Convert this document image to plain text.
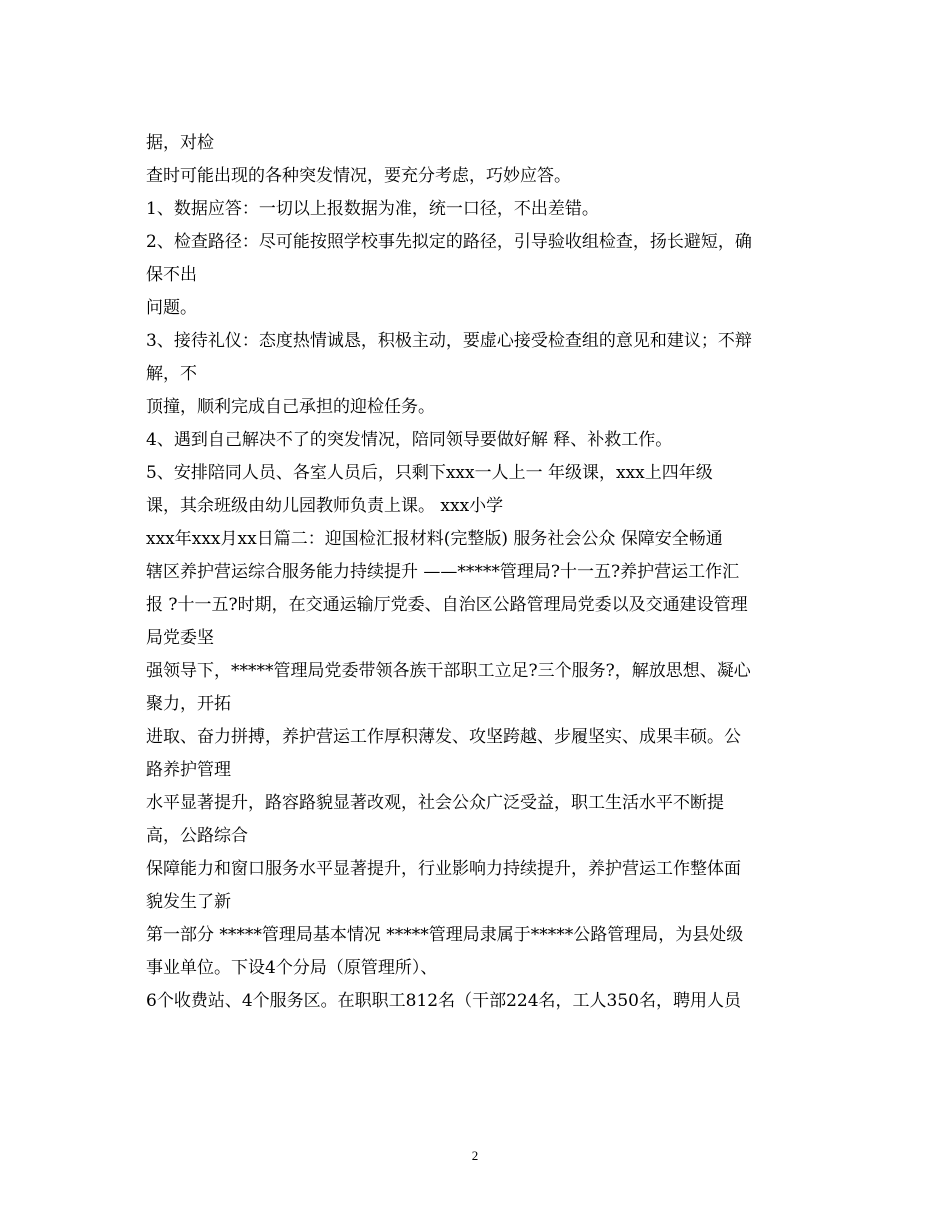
据，对检
查时可能出现的各种突发情况，要充分考虑，巧妙应答。
1、数据应答：一切以上报数据为准，统一口径，不出差错。
2、检查路径：尽可能按照学校事先拟定的路径，引导验收组检查，扬长避短，确
保不出
问题。
3、接待礼仪：态度热情诚恳，积极主动，要虚心接受检查组的意见和建议；不辩
解，不
顶撞，顺利完成自己承担的迎检任务。
4、遇到自己解决不了的突发情况，陪同领导要做好解 释、补救工作。
5、安排陪同人员、各室人员后，只剩下xxx一人上一 年级课，xxx上四年级
课，其余班级由幼儿园教师负责上课。 xxx小学
xxx年xxx月xx日篇二：迎国检汇报材料(完整版) 服务社会公众 保障安全畅通
辖区养护营运综合服务能力持续提升 ——*****管理局?十一五?养护营运工作汇
报 ?十一五?时期，在交通运输厅党委、自治区公路管理局党委以及交通建设管理
局党委坚
强领导下，*****管理局党委带领各族干部职工立足?三个服务?，解放思想、凝心
聚力，开拓
进取、奋力拼搏，养护营运工作厚积薄发、攻坚跨越、步履坚实、成果丰硕。公
路养护管理
水平显著提升，路容路貌显著改观，社会公众广泛受益，职工生活水平不断提
高，公路综合
保障能力和窗口服务水平显著提升，行业影响力持续提升，养护营运工作整体面
貌发生了新
第一部分 *****管理局基本情况 *****管理局隶属于*****公路管理局，为县处级
事业单位。下设4个分局（原管理所）、
6个收费站、4个服务区。在职职工812名（干部224名，工人350名，聘用人员
2
